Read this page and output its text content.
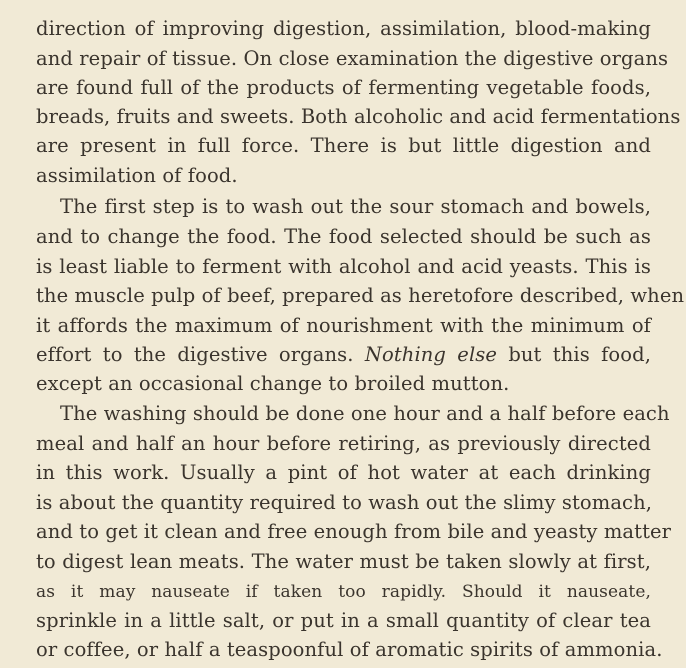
direction of improving digestion, assimilation, blood-making
and repair of tissue. On close examination the digestive organs
are found full of the products of fermenting vegetable foods,
breads, fruits and sweets. Both alcoholic and acid fermentations
are present in full force. There is but little digestion and
assimilation of food.
The first step is to wash out the sour stomach and bowels,
and to change the food. The food selected should be such as
is least liable to ferment with alcohol and acid yeasts. This is
the muscle pulp of beef, prepared as heretofore described, when
it affords the maximum of nourishment with the minimum of
effort to the digestive organs. Nothing else but this food,
except an occasional change to broiled mutton.
The washing should be done one hour and a half before each
meal and half an hour before retiring, as previously directed
in this work. Usually a pint of hot water at each drinking
is about the quantity required to wash out the slimy stomach,
and to get it clean and free enough from bile and yeasty matter
to digest lean meats. The water must be taken slowly at first,
as it may nauseate if taken too rapidly. Should it nauseate,
sprinkle in a little salt, or put in a small quantity of clear tea
or coffee, or half a teaspoonful of aromatic spirits of ammonia.
